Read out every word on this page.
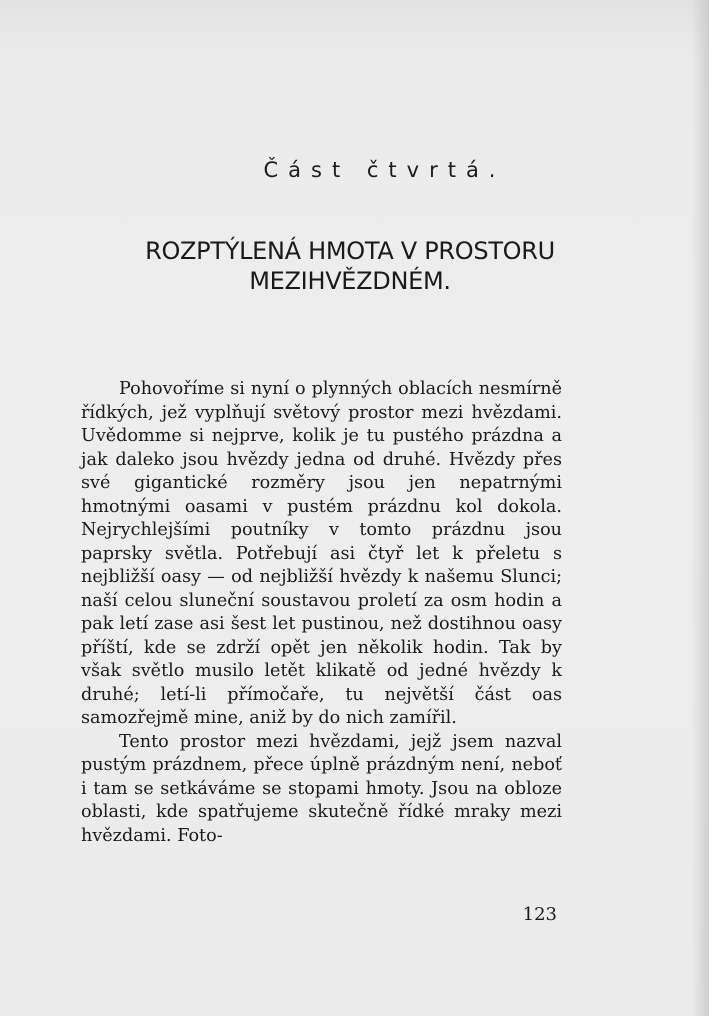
Část čtvrtá.
ROZPTÝLENÁ HMOTA V PROSTORU MEZIHVĚZDNÉM.

Pohovoříme si nyní o plynných oblacích nesmírně řídkých, jež vyplňují světový prostor mezi hvězdami. Uvědomme si nejprve, kolik je tu pustého prázdna a jak daleko jsou hvězdy jedna od druhé. Hvězdy přes své gigantické rozměry jsou jen nepatrnými hmotnými oasami v pustém prázdnu kol dokola. Nejrychlejšími poutníky v tomto prázdnu jsou paprsky světla. Potřebují asi čtyř let k přeletu s nejbližší oasy — od nejbližší hvězdy k našemu Slunci; naší celou sluneční soustavou proletí za osm hodin a pak letí zase asi šest let pustinou, než dostihnou oasy příští, kde se zdrží opět jen několik hodin. Tak by však světlo musilo letět klikatě od jedné hvězdy k druhé; letí-li přímočaře, tu největší část oas samozřejmě mine, aniž by do nich zamířil.

Tento prostor mezi hvězdami, jejž jsem nazval pustým prázdnem, přece úplně prázdným není, neboť i tam se setkáváme se stopami hmoty. Jsou na obloze oblasti, kde spatřujeme skutečně řídké mraky mezi hvězdami. Foto-

123
